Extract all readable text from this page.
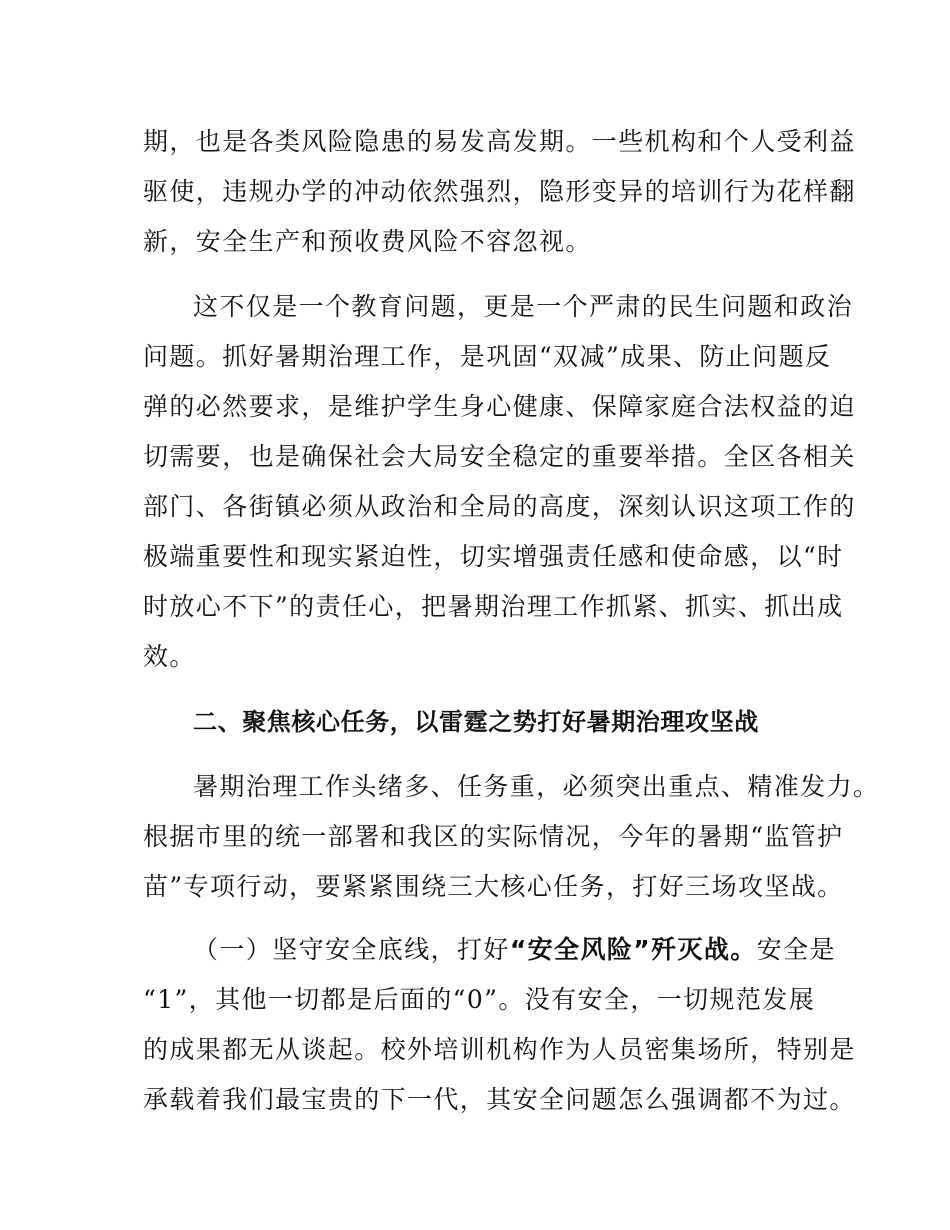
期，也是各类风险隐患的易发高发期。一些机构和个人受利益
驱使，违规办学的冲动依然强烈，隐形变异的培训行为花样翻
新，安全生产和预收费风险不容忽视。
这不仅是一个教育问题，更是一个严肃的民生问题和政治
问题。抓好暑期治理工作，是巩固“双减”成果、防止问题反
弹的必然要求，是维护学生身心健康、保障家庭合法权益的迫
切需要，也是确保社会大局安全稳定的重要举措。全区各相关
部门、各街镇必须从政治和全局的高度，深刻认识这项工作的
极端重要性和现实紧迫性，切实增强责任感和使命感，以“时
时放心不下”的责任心，把暑期治理工作抓紧、抓实、抓出成
效。
二、聚焦核心任务，以雷霆之势打好暑期治理攻坚战
暑期治理工作头绪多、任务重，必须突出重点、精准发力。
根据市里的统一部署和我区的实际情况，今年的暑期“监管护
苗”专项行动，要紧紧围绕三大核心任务，打好三场攻坚战。
（一）坚守安全底线，打好“安全风险”歼灭战。安全是
“1”，其他一切都是后面的“0”。没有安全，一切规范发展
的成果都无从谈起。校外培训机构作为人员密集场所，特别是
承载着我们最宝贵的下一代，其安全问题怎么强调都不为过。
